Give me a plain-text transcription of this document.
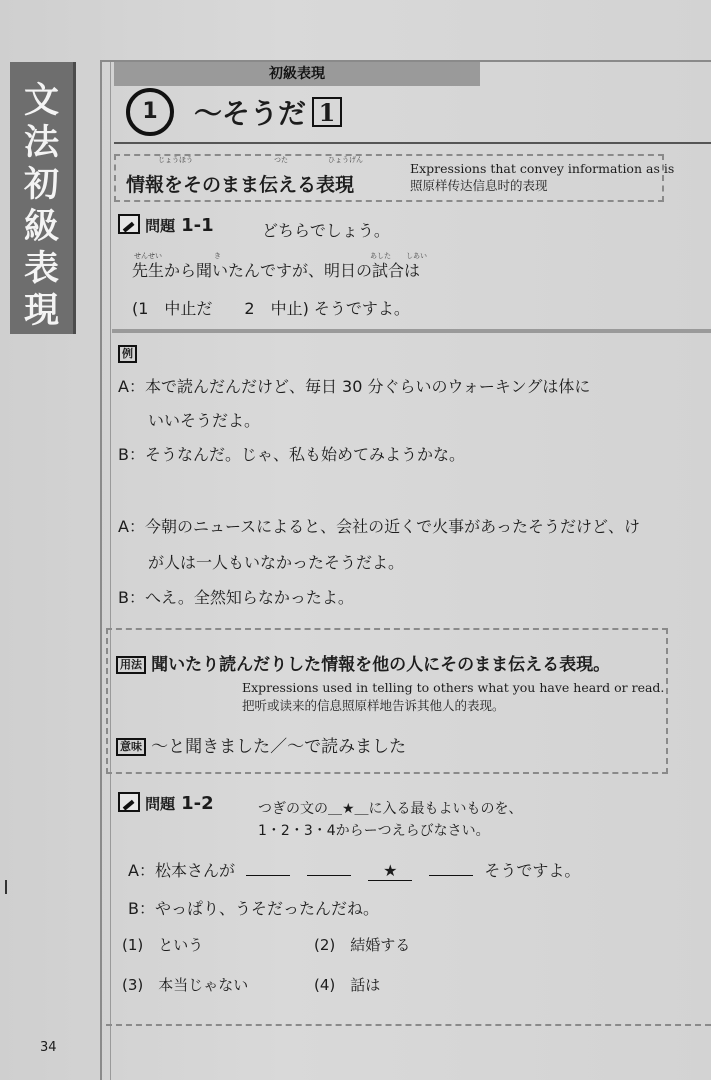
文法初級表現
初級表現
1	～そうだ 1
じょうほう	つた	ひょうげん
情報をそのまま伝える表現
Expressions that convey information as is
照原样传达信息时的表现
問題 1-1	どちらでしょう。
せんせい	き	あした しあい
先生から聞いたんですが、明日の試合は
(1　中止だ　　2　中止) そうですよ。
例
A：本で読んだんだけど、毎日 30 分ぐらいのウォーキングは体に
いいそうだよ。
B：そうなんだ。じゃ、私も始めてみようかな。
A：今朝のニュースによると、会社の近くで火事があったそうだけど、け
が人は一人もいなかったそうだよ。
B：へえ。全然知らなかったよ。
用法 聞いたり読んだりした情報を他の人にそのまま伝える表現。
Expressions used in telling to others what you have heard or read.
把听或读来的信息照原样地告诉其他人的表现。
意味 ～と聞きました／～で読みました
問題 1-2	つぎの文の＿★＿に入る最もよいものを、
1・2・3・4からーつえらびなさい。
A：松本さんが	★	そうですよ。
B：やっぱり、うそだったんだね。
(1)　という	(2)　結婚する
(3)　本当じゃない	(4)　話は
34
